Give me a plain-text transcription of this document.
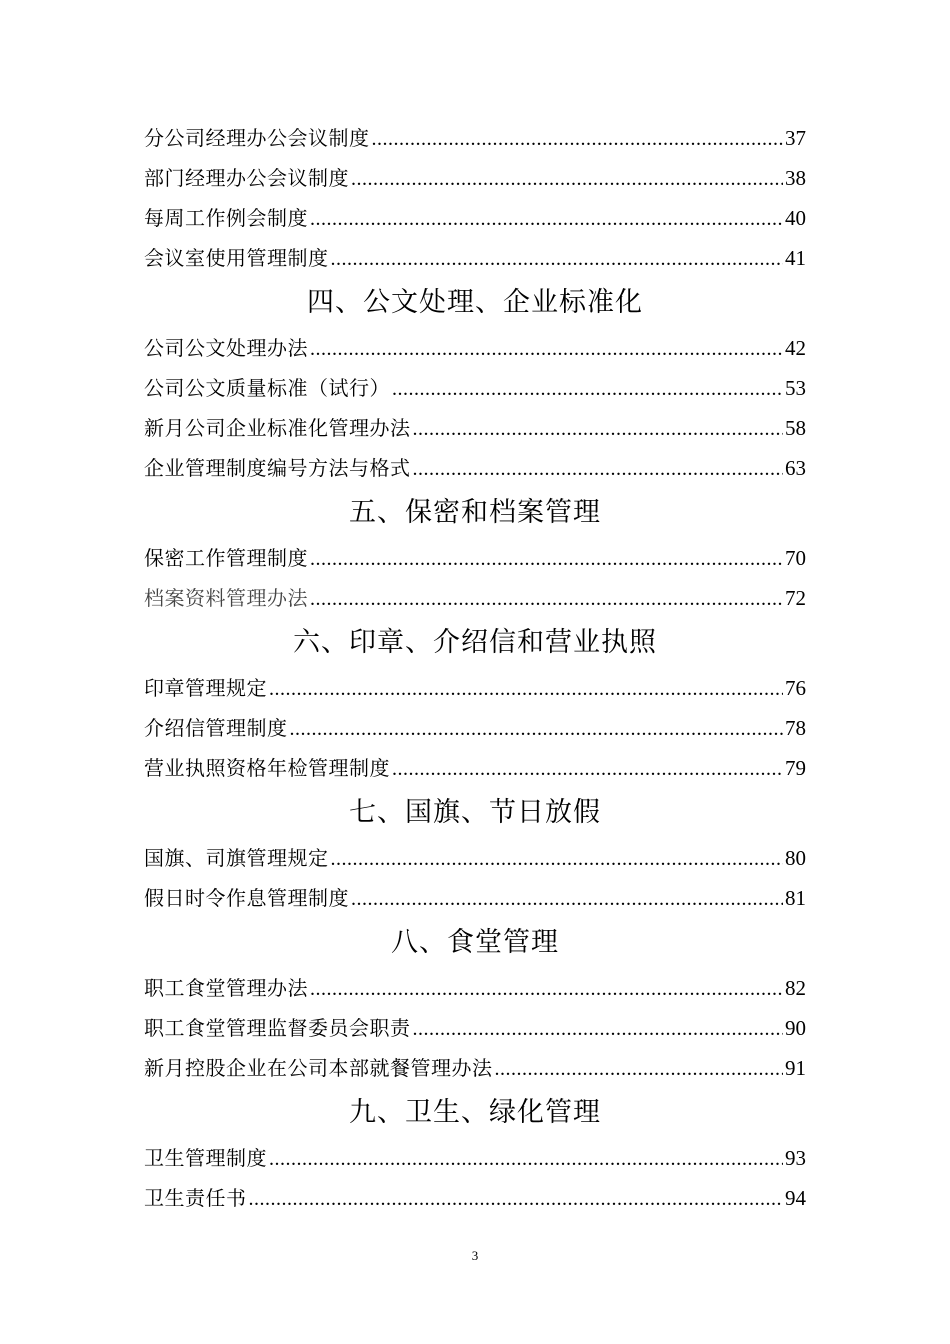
分公司经理办公会议制度 .....	37
部门经理办公会议制度 .....	38
每周工作例会制度 .....	40
会议室使用管理制度 .....	41
四、公文处理、企业标准化
公司公文处理办法 .....	42
公司公文质量标准（试行） .....	53
新月公司企业标准化管理办法 .....	58
企业管理制度编号方法与格式 .....	63
五、保密和档案管理
保密工作管理制度 .....	70
档案资料管理办法 .....	72
六、印章、介绍信和营业执照
印章管理规定 .....	76
介绍信管理制度 .....	78
营业执照资格年检管理制度 .....	79
七、国旗、节日放假
国旗、司旗管理规定 .....	80
假日时令作息管理制度 .....	81
八、食堂管理
职工食堂管理办法 .....	82
职工食堂管理监督委员会职责 .....	90
新月控股企业在公司本部就餐管理办法 .....	91
九、卫生、绿化管理
卫生管理制度 .....	93
卫生责任书 .....	94
3
